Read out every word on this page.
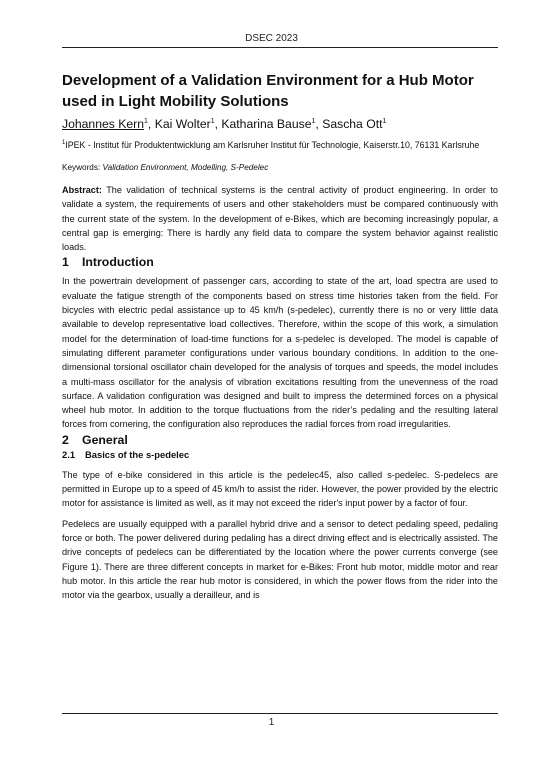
DSEC 2023
Development of a Validation Environment for a Hub Motor used in Light Mobility Solutions
Johannes Kern$^1$, Kai Wolter$^1$, Katharina Bause$^1$, Sascha Ott$^1$
$^1$IPEK - Institut für Produktentwicklung am Karlsruher Institut für Technologie, Kaiserstr.10, 76131 Karlsruhe
Keywords: Validation Environment, Modelling, S-Pedelec

Abstract: The validation of technical systems is the central activity of product engineering. In order to validate a system, the requirements of users and other stakeholders must be compared continuously with the current state of the system. In the development of e-Bikes, which are becoming increasingly popular, a central gap is emerging: There is hardly any field data to compare the system behavior against realistic loads.

1 Introduction

In the powertrain development of passenger cars, according to state of the art, load spectra are used to evaluate the fatigue strength of the components based on stress time histories taken from the field. For bicycles with electric pedal assistance up to 45 km/h (s-pedelec), currently there is no or very little data available to develop representative load collectives. Therefore, within the scope of this work, a simulation model for the determination of load-time functions for a s-pedelec is developed. The model is capable of simulating different parameter configurations under various boundary conditions. In addition to the one-dimensional torsional oscillator chain developed for the analysis of torques and speeds, the model includes a multi-mass oscillator for the analysis of vibration excitations resulting from the unevenness of the road surface. A validation configuration was designed and built to impress the determined forces on a physical wheel hub motor. In addition to the torque fluctuations from the rider’s pedaling and the resulting lateral forces from cornering, the configuration also reproduces the radial forces from road irregularities.

2 General
2.1 Basics of the s-pedelec

The type of e-bike considered in this article is the pedelec45, also called s-pedelec. S-pedelecs are permitted in Europe up to a speed of 45 km/h to assist the rider. However, the power provided by the electric motor for assistance is limited as well, as it may not exceed the rider's input power by a factor of four.

Pedelecs are usually equipped with a parallel hybrid drive and a sensor to detect pedaling speed, pedaling force or both. The power delivered during pedaling has a direct driving effect and is electrically assisted. The drive concepts of pedelecs can be differentiated by the location where the power currents converge (see Figure 1). There are three different concepts in market for e-Bikes: Front hub motor, middle motor and rear hub motor. In this article the rear hub motor is considered, in which the power flows from the rider into the motor via the gearbox, usually a derailleur, and is

1
